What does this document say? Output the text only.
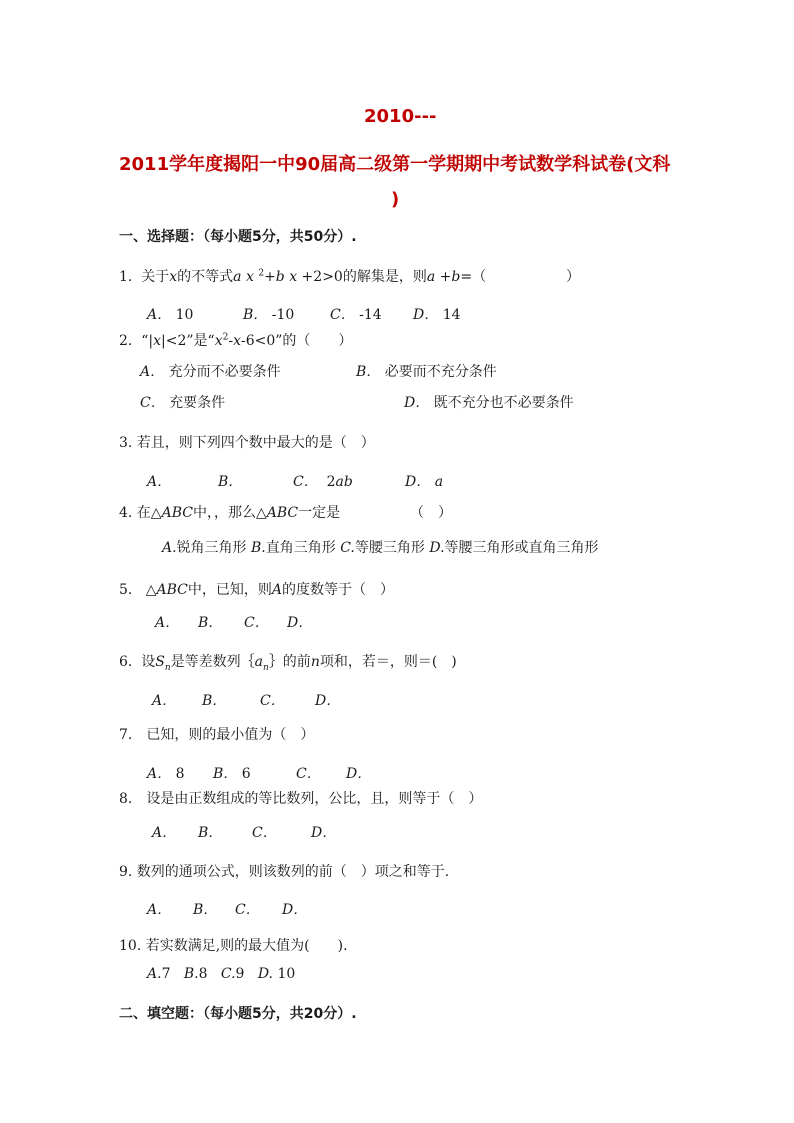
2010---
2011学年度揭阳一中90届高二级第一学期期中考试数学科试卷(文科
)
一、选择题：（每小题5分，共50分）.
1. 关于x的不等式a x $^2$+b x +2>0的解集是，则a +b=（	）
A． 10	B． -10	C． -14 D． 14
2. “|x|<2”是“$x^2-x-6<0$”的（　　）
A． 充分而不必要条件	B． 必要而不充分条件
C． 充要条件	D． 既不充分也不必要条件
3. 若且，则下列四个数中最大的是（　）
A．	B．	C． 2ab	D． a
4. 在△ABC中，，那么△ABC一定是	（　）
A.锐角三角形 B.直角三角形 C.等腰三角形 D.等腰三角形或直角三角形
5. △ABC中，已知，则A的度数等于（　）
A． B． C． D．
6. 设$S_n$是等差数列$\{a_n\}$的前n项和，若＝，则＝(　)
A． B． C． D．
7.　已知，则的最小值为（　）
A． 8 B． 6	C． D．
8.　设是由正数组成的等比数列，公比，且，则等于（　）
A． B． C． D．
9. 数列的通项公式，则该数列的前（　）项之和等于.
A． B． C． D．
10. 若实数满足,则的最大值为(　　).
A.7 B.8 C.9 D. 10
二、填空题：（每小题5分，共20分）.
